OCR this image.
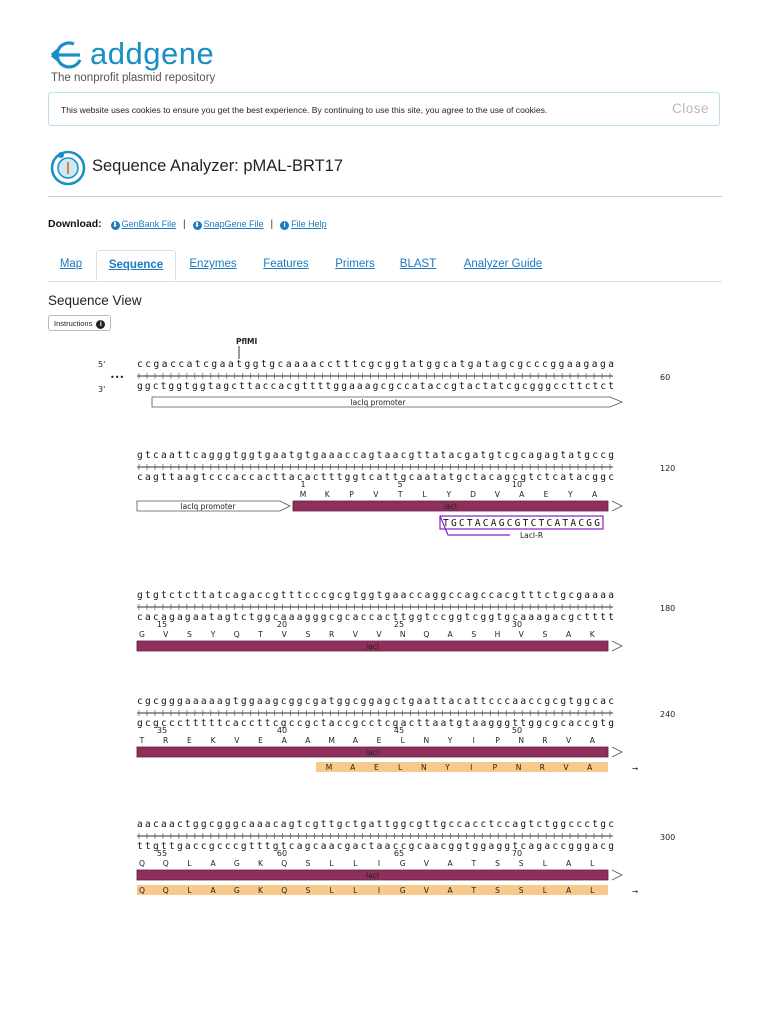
addgene
The nonprofit plasmid repository
This website uses cookies to ensure you get the best experience. By continuing to use this site, you agree to the use of cookies.	Close
Sequence Analyzer: pMAL-BRT17
Download: ⬇ GenBank File | ⬇ SnapGene File | i File Help
Map	Sequence	Enzymes	Features	Primers	BLAST	Analyzer Guide
Sequence View
Instructions i
ccgaccatcgaatggtgcaaaacctttcgcggtatggcatgatagcgcccggaagaga
ggctggtggtagcttaccacgttttggaaagcgccataccgtactatcgcgggccttctct
60
5'
3'
•••
PflMI
lacIq promoter
gtcaattcagggtggtgaatgtgaaaccagtaacgttatacgatgtcgcagagtatgccg
cagttaagtcccaccacttacactttggtcattgcaatatgctacagcgtctcatacggc
120
1	5	10
M K	P	V	T	L	Y	D V	A	E	Y	A
lacI
lacIq promoter
TGCTACAGCGTCTCATACGG
LacI-R
gtgtctcttatcagaccgtttcccgcgtggtgaaccaggccagccacgtttctgcgaaaa
cacagagaatagtctggcaaagggcgcaccacttggtccggtcggtgcaaagacgctttt
180
15	20	25	30
G V S Y Q T V S R V V N Q A S H V S A K
lacI
cgcgggaaaaagtggaagcggcgatggcggagctgaattacattcccaaccgcgtggcac
gcgccctttttcaccttcgccgctaccgcctcgacttaatgtaagggttggcgcaccgtg
240
35	40	45	50
T R E K V E A A M A E	L N Y	I	P N R V A
lacI
M A E	L N Y	I	P N R V A	➞
aacaactggcgggcaaacagtcgttgctgattggcgttgccacctccagtctggccctgc
ttgttgaccgcccgtttgtcagcaacgactaaccgcaacggtggaggtcagaccgggacg
300
55	60	65	70
Q Q L A G K Q S	L	L	I	G V A T S S	L A L
lacI
Q Q L A G K Q S	L	L	I	G V A T S S	L A L	➞
